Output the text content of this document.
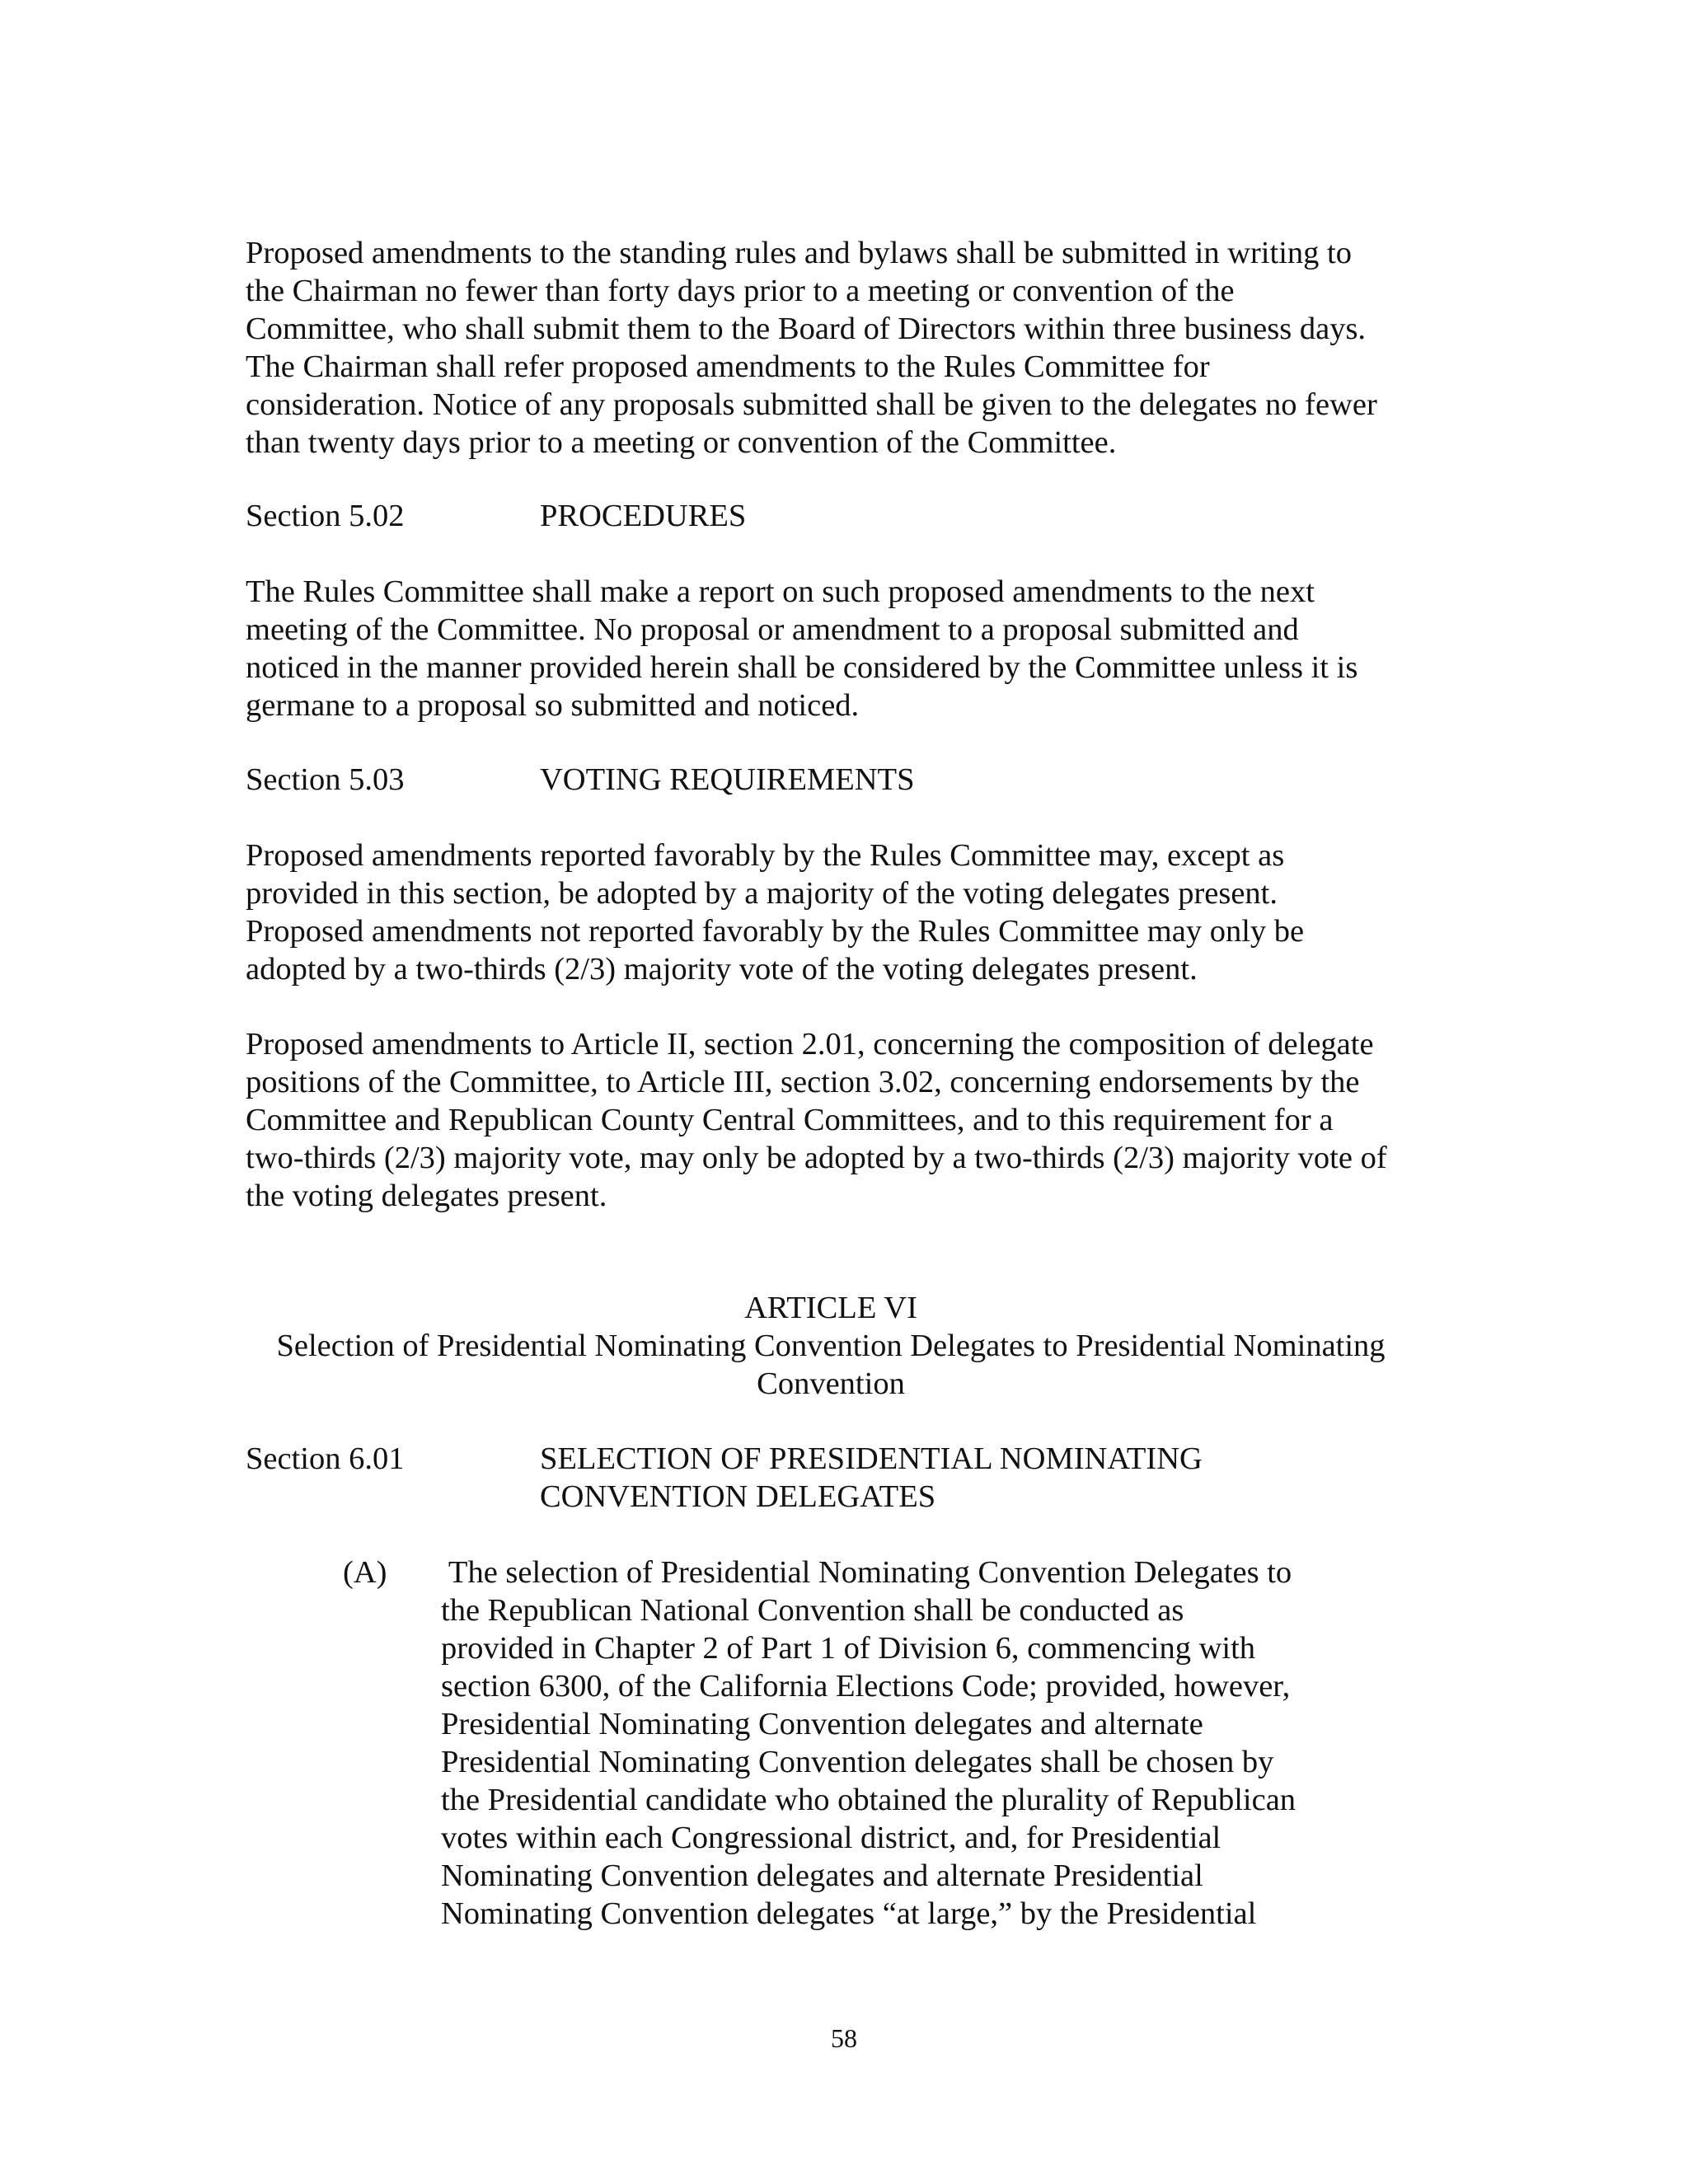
Proposed amendments to the standing rules and bylaws shall be submitted in writing to
the Chairman no fewer than forty days prior to a meeting or convention of the
Committee, who shall submit them to the Board of Directors within three business days.
The Chairman shall refer proposed amendments to the Rules Committee for
consideration. Notice of any proposals submitted shall be given to the delegates no fewer
than twenty days prior to a meeting or convention of the Committee.
Section 5.02	PROCEDURES
The Rules Committee shall make a report on such proposed amendments to the next
meeting of the Committee. No proposal or amendment to a proposal submitted and
noticed in the manner provided herein shall be considered by the Committee unless it is
germane to a proposal so submitted and noticed.
Section 5.03	VOTING REQUIREMENTS
Proposed amendments reported favorably by the Rules Committee may, except as
provided in this section, be adopted by a majority of the voting delegates present.
Proposed amendments not reported favorably by the Rules Committee may only be
adopted by a two-thirds (2/3) majority vote of the voting delegates present.
Proposed amendments to Article II, section 2.01, concerning the composition of delegate
positions of the Committee, to Article III, section 3.02, concerning endorsements by the
Committee and Republican County Central Committees, and to this requirement for a
two-thirds (2/3) majority vote, may only be adopted by a two-thirds (2/3) majority vote of
the voting delegates present.
ARTICLE VI
Selection of Presidential Nominating Convention Delegates to Presidential Nominating
Convention
Section 6.01	SELECTION OF PRESIDENTIAL NOMINATING
CONVENTION DELEGATES
(A) The selection of Presidential Nominating Convention Delegates to
the Republican National Convention shall be conducted as
provided in Chapter 2 of Part 1 of Division 6, commencing with
section 6300, of the California Elections Code; provided, however,
Presidential Nominating Convention delegates and alternate
Presidential Nominating Convention delegates shall be chosen by
the Presidential candidate who obtained the plurality of Republican
votes within each Congressional district, and, for Presidential
Nominating Convention delegates and alternate Presidential
Nominating Convention delegates “at large,” by the Presidential
58
